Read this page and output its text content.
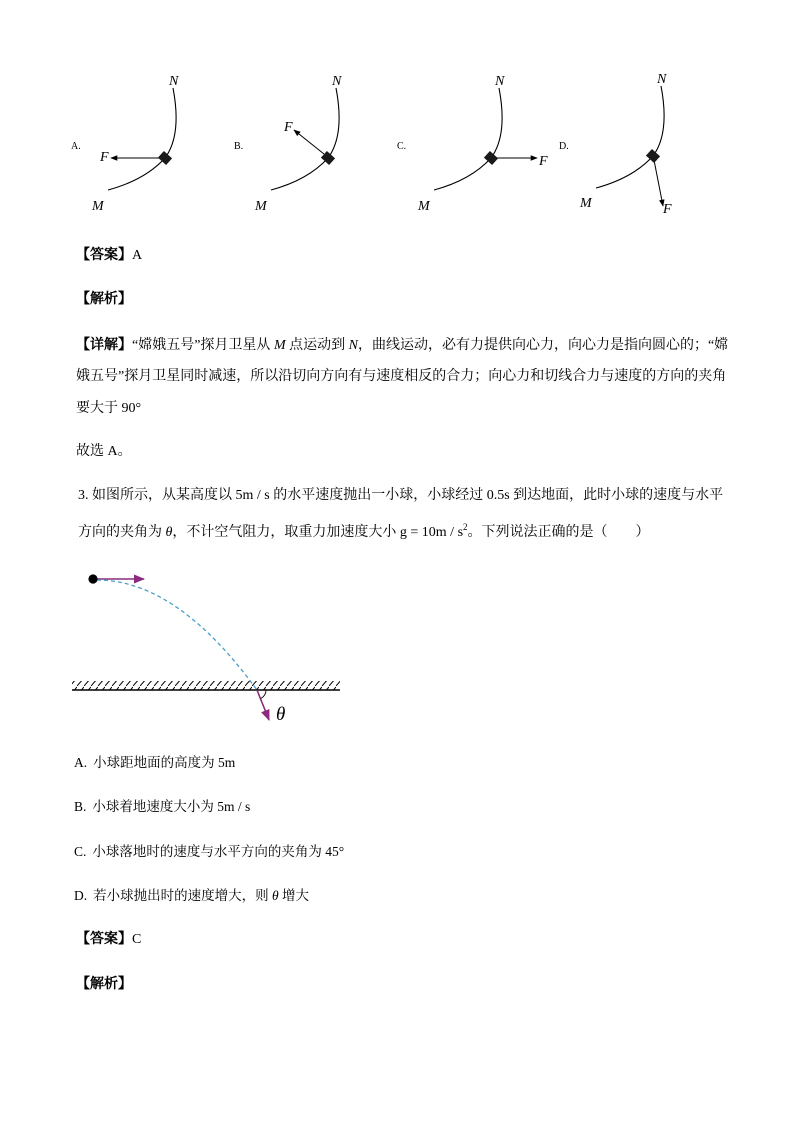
A.
F
M
N
B.
F
M
N
C.
F
M
N
D.
F
M
N
【答案】A
【解析】
【详解】“嫦娥五号”探月卫星从 M 点运动到 N，曲线运动，必有力提供向心力，向心力是指向圆心的；“嫦
娥五号”探月卫星同时减速，所以沿切向方向有与速度相反的合力；向心力和切线合力与速度的方向的夹角
要大于 90°
故选 A。
3. 如图所示，从某高度以 5m / s 的水平速度抛出一小球，小球经过 0.5s 到达地面，此时小球的速度与水平
方向的夹角为 θ，不计空气阻力，取重力加速度大小 $g = 10m / s^2$。下列说法正确的是（　　）
θ
A. 小球距地面的高度为 5m
B. 小球着地速度大小为 5m / s
C. 小球落地时的速度与水平方向的夹角为 45°
D. 若小球抛出时的速度增大，则 θ 增大
【答案】C
【解析】
